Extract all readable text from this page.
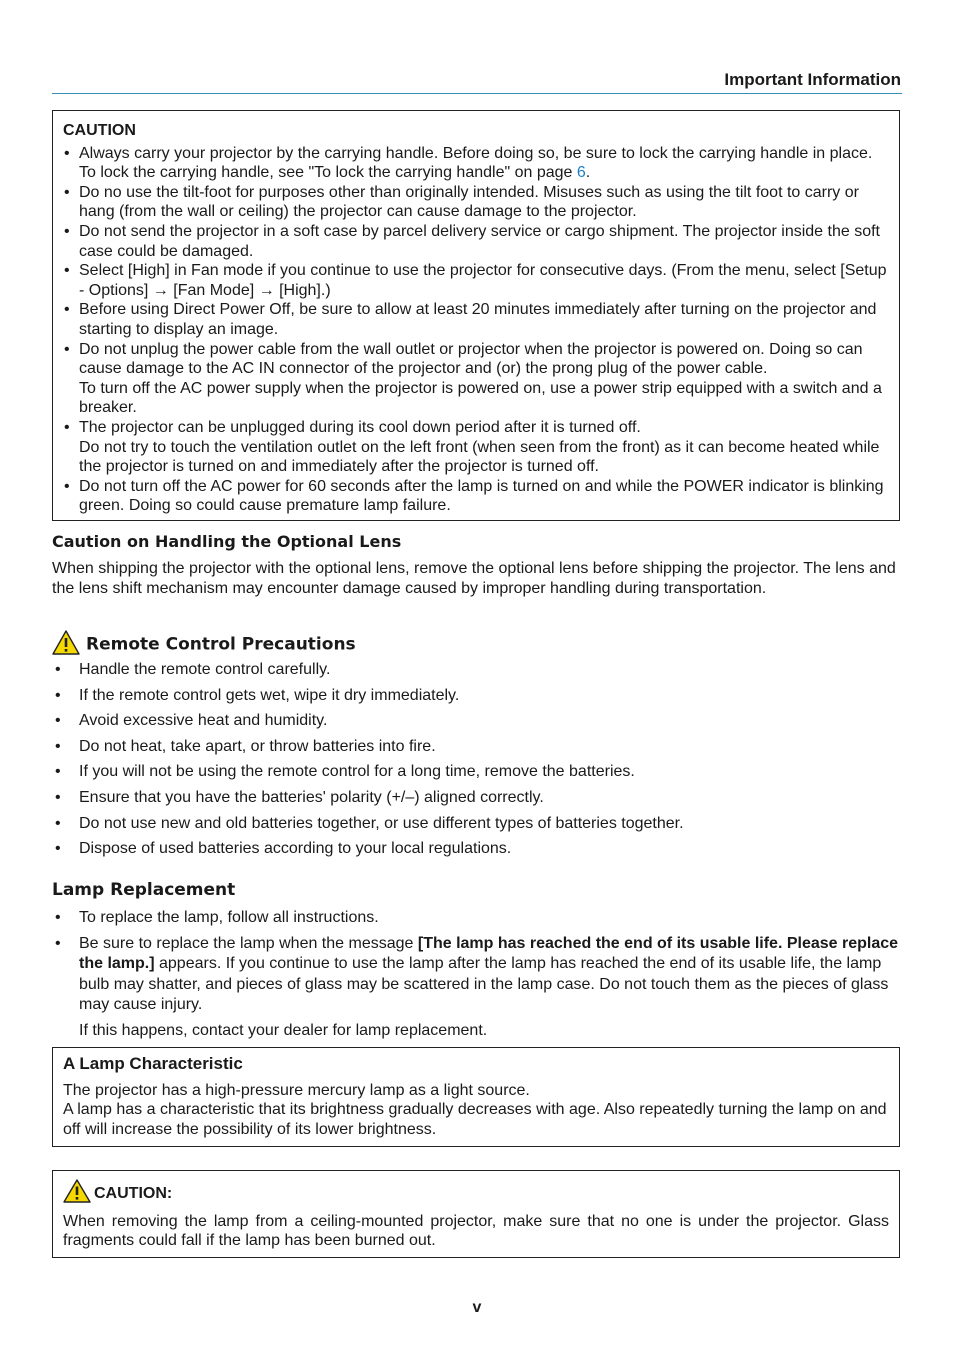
Important Information
CAUTION
• Always carry your projector by the carrying handle. Before doing so, be sure to lock the carrying handle in place.
To lock the carrying handle, see "To lock the carrying handle" on page 6.
• Do no use the tilt-foot for purposes other than originally intended. Misuses such as using the tilt foot to carry or hang (from the wall or ceiling) the projector can cause damage to the projector.
• Do not send the projector in a soft case by parcel delivery service or cargo shipment. The projector inside the soft case could be damaged.
• Select [High] in Fan mode if you continue to use the projector for consecutive days. (From the menu, select [Setup - Options] → [Fan Mode] → [High].)
• Before using Direct Power Off, be sure to allow at least 20 minutes immediately after turning on the projector and starting to display an image.
• Do not unplug the power cable from the wall outlet or projector when the projector is powered on. Doing so can cause damage to the AC IN connector of the projector and (or) the prong plug of the power cable.
To turn off the AC power supply when the projector is powered on, use a power strip equipped with a switch and a breaker.
• The projector can be unplugged during its cool down period after it is turned off.
Do not try to touch the ventilation outlet on the left front (when seen from the front) as it can become heated while the projector is turned on and immediately after the projector is turned off.
• Do not turn off the AC power for 60 seconds after the lamp is turned on and while the POWER indicator is blinking green. Doing so could cause premature lamp failure.
Caution on Handling the Optional Lens
When shipping the projector with the optional lens, remove the optional lens before shipping the projector. The lens and the lens shift mechanism may encounter damage caused by improper handling during transportation.
Remote Control Precautions
• Handle the remote control carefully.
• If the remote control gets wet, wipe it dry immediately.
• Avoid excessive heat and humidity.
• Do not heat, take apart, or throw batteries into fire.
• If you will not be using the remote control for a long time, remove the batteries.
• Ensure that you have the batteries' polarity (+/–) aligned correctly.
• Do not use new and old batteries together, or use different types of batteries together.
• Dispose of used batteries according to your local regulations.
Lamp Replacement
• To replace the lamp, follow all instructions.
• Be sure to replace the lamp when the message [The lamp has reached the end of its usable life. Please replace the lamp.] appears. If you continue to use the lamp after the lamp has reached the end of its usable life, the lamp bulb may shatter, and pieces of glass may be scattered in the lamp case. Do not touch them as the pieces of glass may cause injury.
If this happens, contact your dealer for lamp replacement.
A Lamp Characteristic
The projector has a high-pressure mercury lamp as a light source.
A lamp has a characteristic that its brightness gradually decreases with age. Also repeatedly turning the lamp on and off will increase the possibility of its lower brightness.
CAUTION:
When removing the lamp from a ceiling-mounted projector, make sure that no one is under the projector. Glass fragments could fall if the lamp has been burned out.
v
